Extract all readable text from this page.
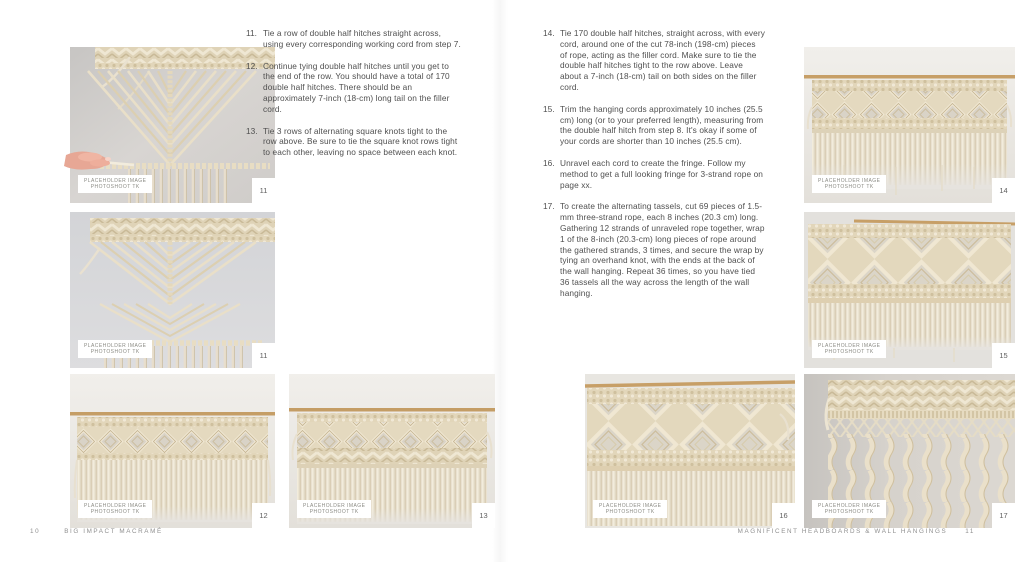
PLACEHOLDER IMAGE
PHOTOSHOOT TK	11
PLACEHOLDER IMAGE
PHOTOSHOOT TK	11
11. Tie a row of double half hitches straight across, using every corresponding working cord from step 7.
12. Continue tying double half hitches until you get to the end of the row. You should have a total of 170 double half hitches. There should be an approximately 7-inch (18-cm) long tail on the filler cord.
13. Tie 3 rows of alternating square knots tight to the row above. Be sure to tie the square knot rows tight to each other, leaving no space between each knot.
PLACEHOLDER IMAGE
PHOTOSHOOT TK	12
PLACEHOLDER IMAGE
PHOTOSHOOT TK	13
10	BIG IMPACT MACRAMÉ
14. Tie 170 double half hitches, straight across, with every cord, around one of the cut 78-inch (198-cm) pieces of rope, acting as the filler cord. Make sure to tie the double half hitches tight to the row above. Leave about a 7-inch (18-cm) tail on both sides on the filler cord.
15. Trim the hanging cords approximately 10 inches (25.5 cm) long (or to your preferred length), measuring from the double half hitch from step 8. It's okay if some of your cords are shorter than 10 inches (25.5 cm).
16. Unravel each cord to create the fringe. Follow my method to get a full looking fringe for 3-strand rope on page xx.
17. To create the alternating tassels, cut 69 pieces of 1.5-mm three-strand rope, each 8 inches (20.3 cm) long. Gathering 12 strands of unraveled rope together, wrap 1 of the 8-inch (20.3-cm) long pieces of rope around the gathered strands, 3 times, and secure the wrap by tying an overhand knot, with the ends at the back of the wall hanging. Repeat 36 times, so you have tied 36 tassels all the way across the length of the wall hanging.
PLACEHOLDER IMAGE
PHOTOSHOOT TK	14
PLACEHOLDER IMAGE
PHOTOSHOOT TK	15
PLACEHOLDER IMAGE
PHOTOSHOOT TK	16
PLACEHOLDER IMAGE
PHOTOSHOOT TK	17
MAGNIFICENT HEADBOARDS & WALL HANGINGS	11
